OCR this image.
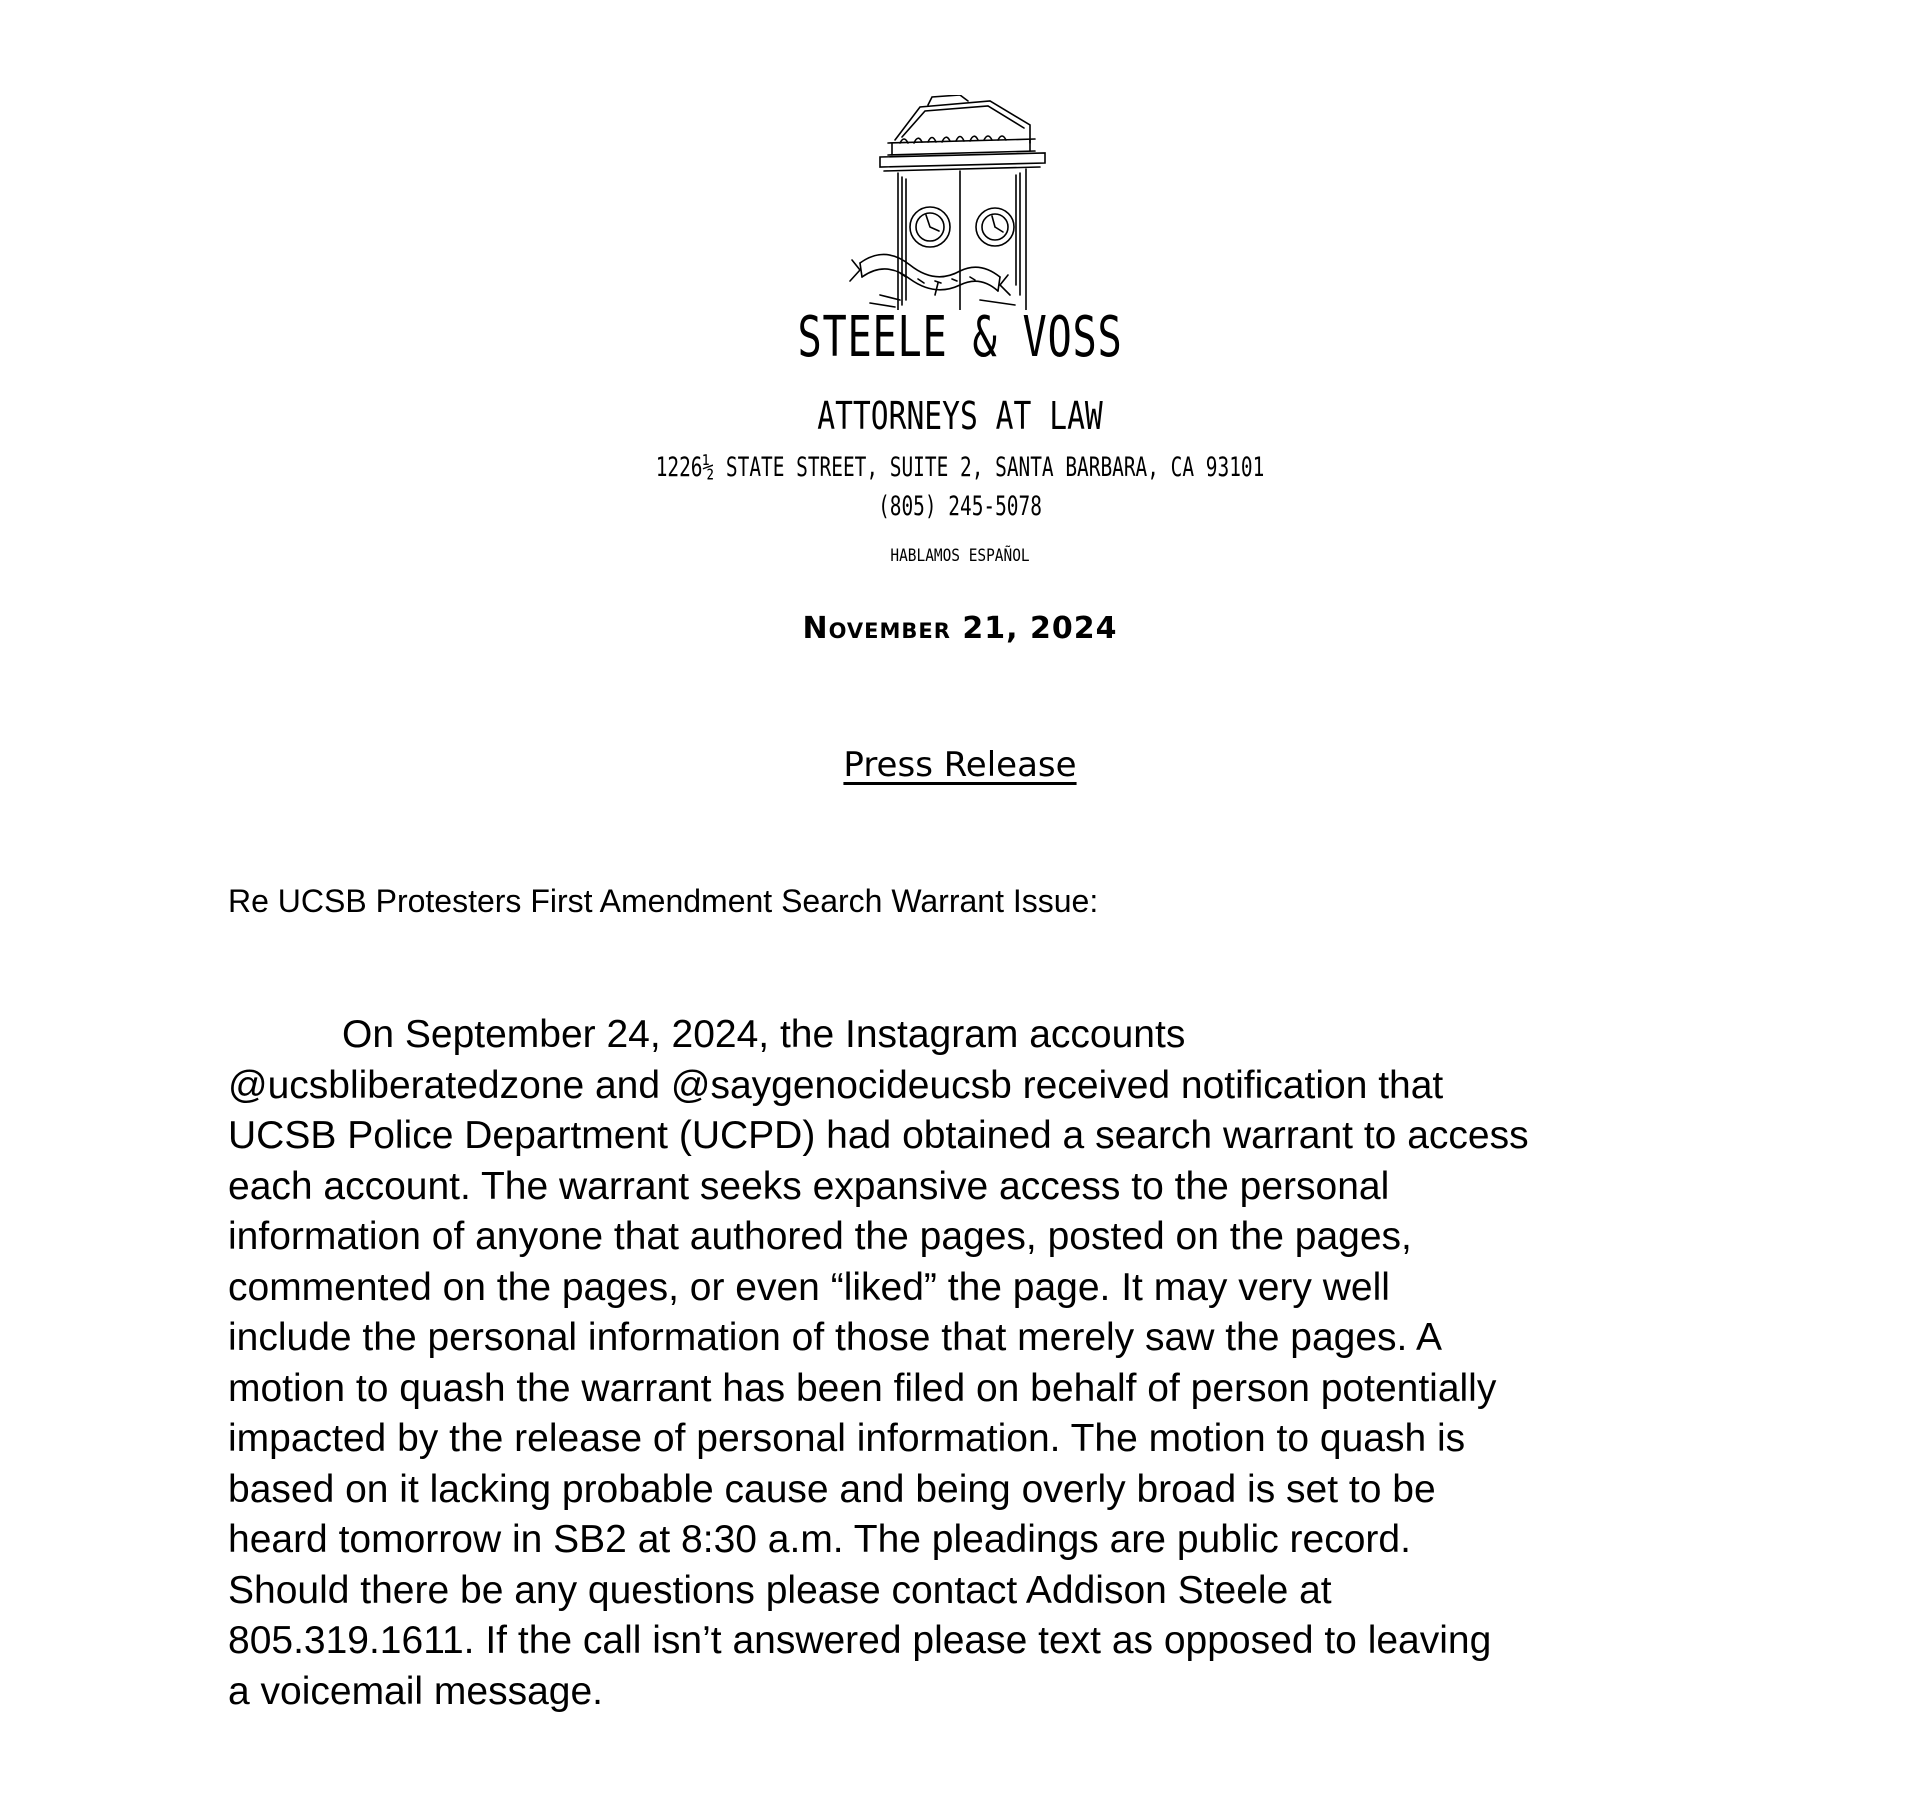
STEELE & VOSS
ATTORNEYS AT LAW
1226½ STATE STREET, SUITE 2, SANTA BARBARA, CA 93101
(805) 245-5078
HABLAMOS ESPAÑOL
November 21, 2024
Press Release
Re UCSB Protesters First Amendment Search Warrant Issue:
On September 24, 2024, the Instagram accounts
@ucsbliberatedzone and @saygenocideucsb received notification that
UCSB Police Department (UCPD) had obtained a search warrant to access
each account. The warrant seeks expansive access to the personal
information of anyone that authored the pages, posted on the pages,
commented on the pages, or even “liked” the page. It may very well
include the personal information of those that merely saw the pages. A
motion to quash the warrant has been filed on behalf of person potentially
impacted by the release of personal information. The motion to quash is
based on it lacking probable cause and being overly broad is set to be
heard tomorrow in SB2 at 8:30 a.m. The pleadings are public record.
Should there be any questions please contact Addison Steele at
805.319.1611. If the call isn’t answered please text as opposed to leaving
a voicemail message.
